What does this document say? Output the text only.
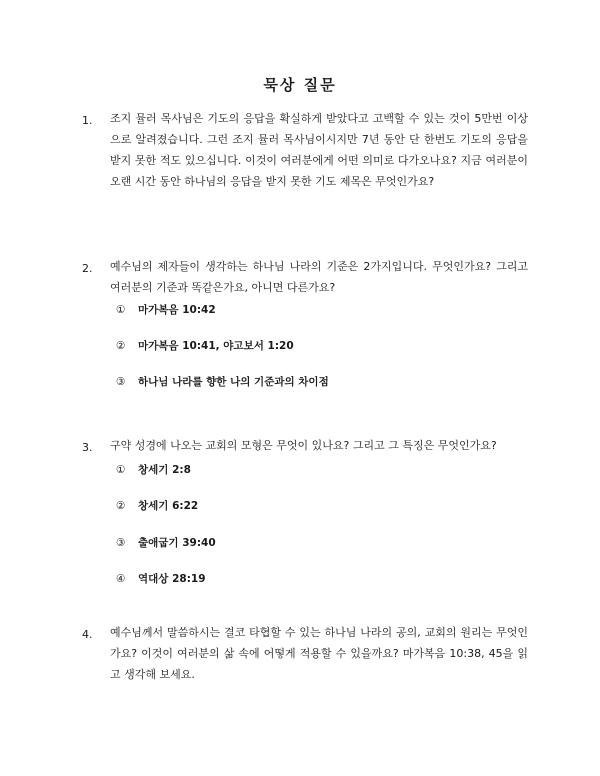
묵상 질문
1. 조지 뮬러 목사님은 기도의 응답을 확실하게 받았다고 고백할 수 있는 것이 5만번 이상으로 알려졌습니다. 그런 조지 뮬러 목사님이시지만 7년 동안 단 한번도 기도의 응답을 받지 못한 적도 있으십니다. 이것이 여러분에게 어떤 의미로 다가오나요? 지금 여러분이 오랜 시간 동안 하나님의 응답을 받지 못한 기도 제목은 무엇인가요?
2. 예수님의 제자들이 생각하는 하나님 나라의 기준은 2가지입니다. 무엇인가요? 그리고 여러분의 기준과 똑같은가요, 아니면 다른가요?
① 마가복음 10:42
② 마가복음 10:41, 야고보서 1:20
③ 하나님 나라를 향한 나의 기준과의 차이점
3. 구약 성경에 나오는 교회의 모형은 무엇이 있나요? 그리고 그 특징은 무엇인가요?
① 창세기 2:8
② 창세기 6:22
③ 출애굽기 39:40
④ 역대상 28:19
4. 예수님께서 말씀하시는 결코 타협할 수 있는 하나님 나라의 공의, 교회의 원리는 무엇인가요? 이것이 여러분의 삶 속에 어떻게 적용할 수 있을까요? 마가복음 10:38, 45을 읽고 생각해 보세요.
